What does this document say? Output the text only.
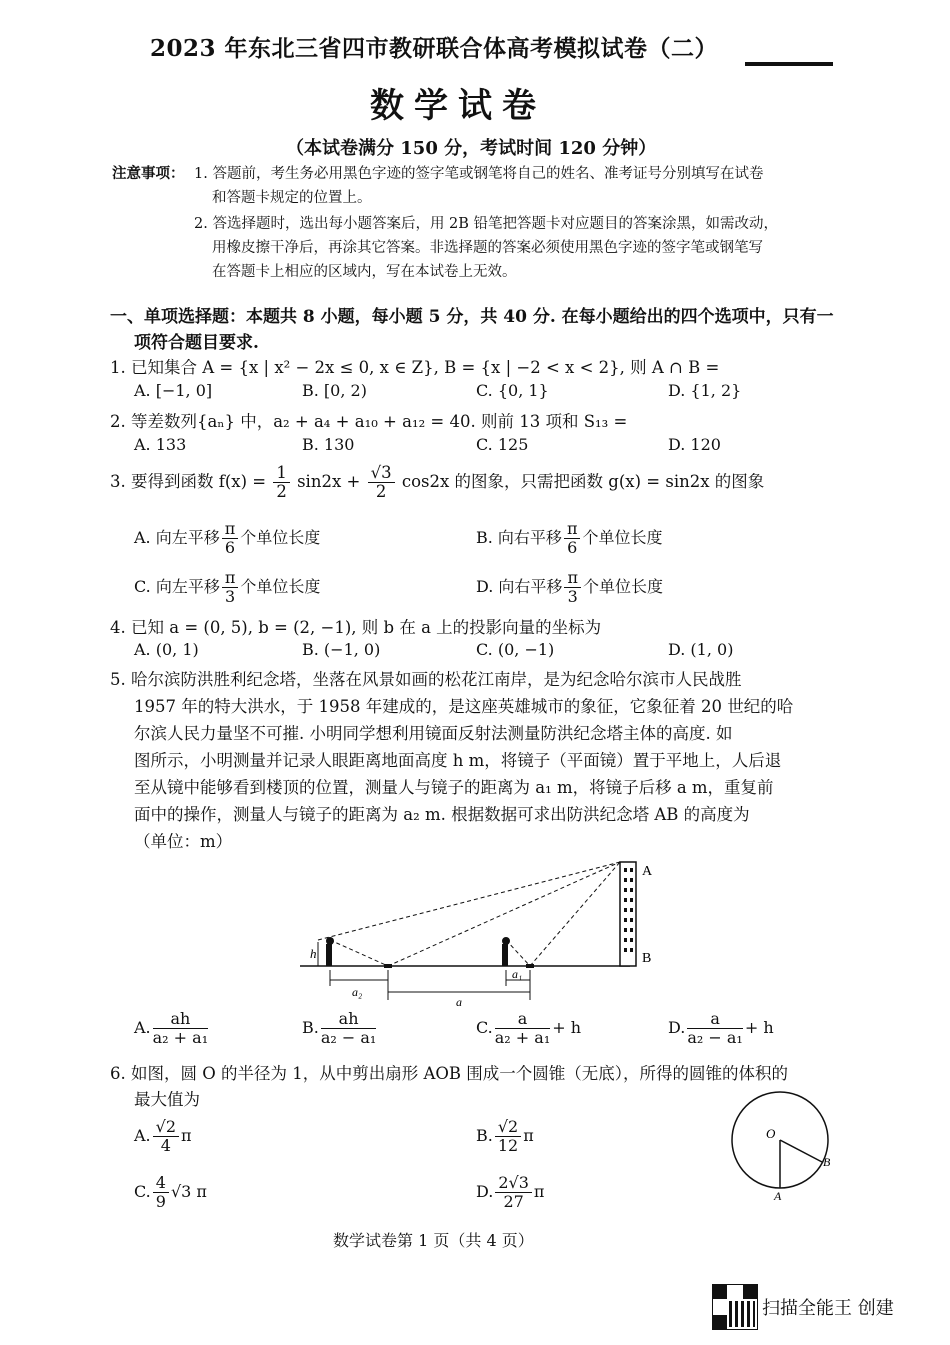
2023 年东北三省四市教研联合体高考模拟试卷（二）
数学试卷
（本试卷满分 150 分，考试时间 120 分钟）
注意事项： 1. 答题前，考生务必用黑色字迹的签字笔或钢笔将自己的姓名、准考证号分别填写在试卷
和答题卡规定的位置上。
2. 答选择题时，选出每小题答案后，用 2B 铅笔把答题卡对应题目的答案涂黑，如需改动，
用橡皮擦干净后，再涂其它答案。非选择题的答案必须使用黑色字迹的签字笔或钢笔写
在答题卡上相应的区域内，写在本试卷上无效。
一、单项选择题：本题共 8 小题，每小题 5 分，共 40 分. 在每小题给出的四个选项中，只有一
项符合题目要求.
1. 已知集合 A = {x | x² − 2x ≤ 0, x ∈ Z}, B = {x | −2 < x < 2}, 则 A ∩ B =
A. [−1, 0]	B. [0, 2)	C. {0, 1}	D. {1, 2}
2. 等差数列{aₙ} 中，a₂ + a₄ + a₁₀ + a₁₂ = 40. 则前 13 项和 S₁₃ =
A. 133	B. 130	C. 125	D. 120
3. 要得到函数 $f(x) = \frac{1}{2} \sin 2x + \frac{√3}{2} \cos 2x$ 的图象，只需把函数 g(x) = sin2x 的图象
A. 向左平移 $\frac{\pi}{6}$ 个单位长度	B. 向右平移 $\frac{\pi}{6}$ 个单位长度
C. 向左平移 $\frac{\pi}{3}$ 个单位长度	D. 向右平移 $\frac{\pi}{3}$ 个单位长度
4. 已知 a = (0, 5), b = (2, −1), 则 b 在 a 上的投影向量的坐标为
A. (0, 1)	B. (−1, 0)	C. (0, −1)	D. (1, 0)
5. 哈尔滨防洪胜利纪念塔，坐落在风景如画的松花江南岸，是为纪念哈尔滨市人民战胜
1957 年的特大洪水，于 1958 年建成的，是这座英雄城市的象征，它象征着 20 世纪的哈
尔滨人民力量坚不可摧. 小明同学想利用镜面反射法测量防洪纪念塔主体的高度. 如
图所示，小明测量并记录人眼距离地面高度 h m，将镜子（平面镜）置于平地上，人后退
至从镜中能够看到楼顶的位置，测量人与镜子的距离为 a₁ m，将镜子后移 a m，重复前
面中的操作，测量人与镜子的距离为 a₂ m. 根据数据可求出防洪纪念塔 AB 的高度为
（单位：m）
A
B
h
a₂
a₁
a
A. $\frac{ah}{\text{a₂ + a₁}}$	B. $\frac{ah}{\text{a₂ − a₁}}$	C. $\frac{a}{\text{a₂ + a₁}} + h$	D. $\frac{a}{\text{a₂ − a₁}} + h$
6. 如图，圆 O 的半径为 1，从中剪出扇形 AOB 围成一个圆锥（无底），所得的圆锥的体积的
最大值为
A. $\frac{√2}{4}$ π	B. $\frac{√2}{12}$ π
C. $\frac{4}{9} √3$ π	D. $\frac{2√3}{27}$ π
O
A
B
数学试卷第 1 页（共 4 页）
扫描全能王 创建
